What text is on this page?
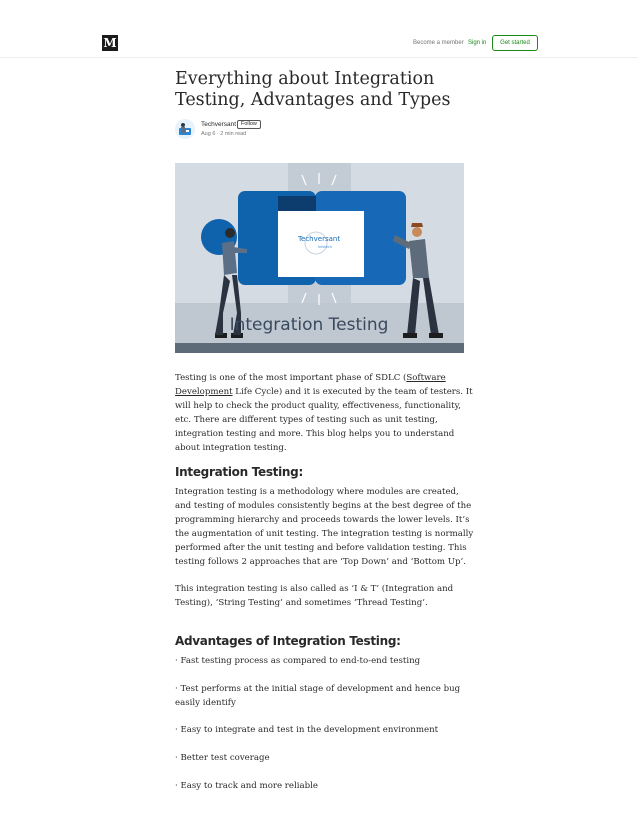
M	Become a member Sign in	Get started
Everything about Integration Testing, Advantages and Types
Techversant Follow
Aug 6 · 2 min read
Techversant
Infotech
Integration Testing

Testing is one of the most important phase of SDLC (Software Development Life Cycle) and it is executed by the team of testers. It will help to check the product quality, effectiveness, functionality, etc. There are different types of testing such as unit testing, integration testing and more. This blog helps you to understand about integration testing.

Integration Testing:

Integration testing is a methodology where modules are created, and testing of modules consistently begins at the best degree of the programming hierarchy and proceeds towards the lower levels. It’s the augmentation of unit testing. The integration testing is normally performed after the unit testing and before validation testing. This testing follows 2 approaches that are ‘Top Down’ and ‘Bottom Up’.

This integration testing is also called as ‘I & T’ (Integration and Testing), ‘String Testing’ and sometimes ‘Thread Testing’.

Advantages of Integration Testing:

· Fast testing process as compared to end-to-end testing

· Test performs at the initial stage of development and hence bug easily identify

· Easy to integrate and test in the development environment

· Better test coverage

· Easy to track and more reliable
